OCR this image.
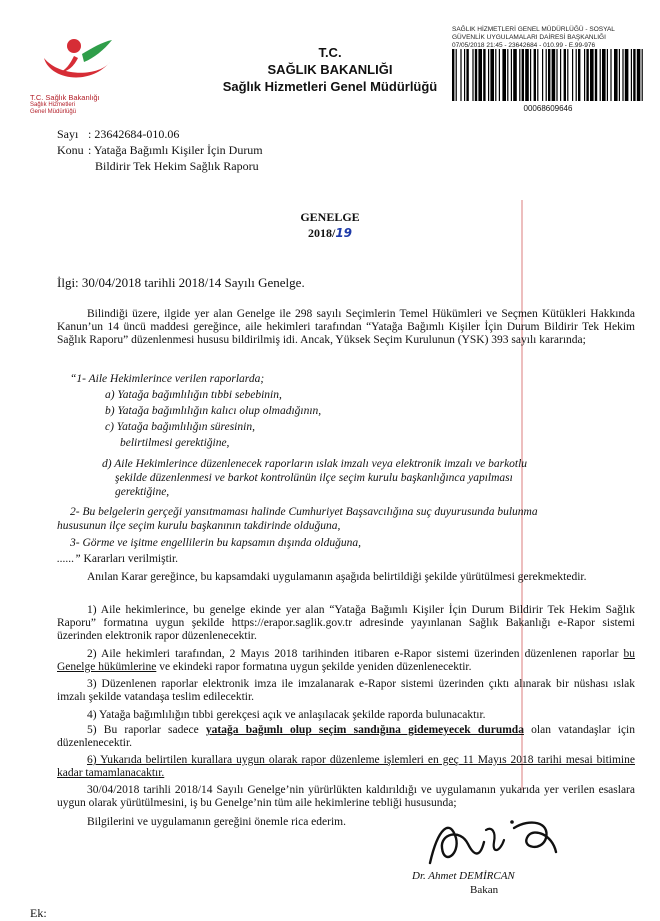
T.C. Sağlık Bakanlığı
Sağlık Hizmetleri
Genel Müdürlüğü
T.C.
SAĞLIK BAKANLIĞI
Sağlık Hizmetleri Genel Müdürlüğü
SAĞLIK HİZMETLERİ GENEL MÜDÜRLÜĞÜ - SOSYAL
GÜVENLİK UYGULAMALARI DAİRESİ BAŞKANLIĞI
07/05/2018 21:45 - 23642684 - 010.99 - E.99-976
00068609646
Sayı : 23642684-010.06
Konu : Yatağa Bağımlı Kişiler İçin Durum
Bildirir Tek Hekim Sağlık Raporu
GENELGE
2018/19
İlgi: 30/04/2018 tarihli 2018/14 Sayılı Genelge.
Bilindiği üzere, ilgide yer alan Genelge ile 298 sayılı Seçimlerin Temel Hükümleri ve Seçmen Kütükleri Hakkında Kanun’un 14 üncü maddesi gereğince, aile hekimleri tarafından “Yatağa Bağımlı Kişiler İçin Durum Bildirir Tek Hekim Sağlık Raporu” düzenlenmesi hususu bildirilmiş idi. Ancak, Yüksek Seçim Kurulunun (YSK) 393 sayılı kararında;
“1- Aile Hekimlerince verilen raporlarda;
a) Yatağa bağımlılığın tıbbi sebebinin,
b) Yatağa bağımlılığın kalıcı olup olmadığının,
c) Yatağa bağımlılığın süresinin,
belirtilmesi gerektiğine,
d) Aile Hekimlerince düzenlenecek raporların ıslak imzalı veya elektronik imzalı ve barkotlu
şekilde düzenlenmesi ve barkot kontrolünün ilçe seçim kurulu başkanlığınca yapılması
gerektiğine,
2- Bu belgelerin gerçeği yansıtmaması halinde Cumhuriyet Başsavcılığına suç duyurusunda bulunma
hususunun ilçe seçim kurulu başkanının takdirinde olduğuna,
3- Görme ve işitme engellilerin bu kapsamın dışında olduğuna,
......” Kararları verilmiştir.
Anılan Karar gereğince, bu kapsamdaki uygulamanın aşağıda belirtildiği şekilde yürütülmesi gerekmektedir.
1) Aile hekimlerince, bu genelge ekinde yer alan “Yatağa Bağımlı Kişiler İçin Durum Bildirir Tek Hekim Sağlık Raporu” formatına uygun şekilde https://erapor.saglik.gov.tr adresinde yayınlanan Sağlık Bakanlığı e-Rapor sistemi üzerinden elektronik rapor düzenlenecektir.
2) Aile hekimleri tarafından, 2 Mayıs 2018 tarihinden itibaren e-Rapor sistemi üzerinden düzenlenen raporlar bu Genelge hükümlerine ve ekindeki rapor formatına uygun şekilde yeniden düzenlenecektir.
3) Düzenlenen raporlar elektronik imza ile imzalanarak e-Rapor sistemi üzerinden çıktı alınarak bir nüshası ıslak imzalı şekilde vatandaşa teslim edilecektir.
4) Yatağa bağımlılığın tıbbi gerekçesi açık ve anlaşılacak şekilde raporda bulunacaktır.
5) Bu raporlar sadece yatağa bağımlı olup seçim sandığına gidemeyecek durumda olan vatandaşlar için düzenlenecektir.
6) Yukarıda belirtilen kurallara uygun olarak rapor düzenleme işlemleri en geç 11 Mayıs 2018 tarihi mesai bitimine kadar tamamlanacaktır.
30/04/2018 tarihli 2018/14 Sayılı Genelge’nin yürürlükten kaldırıldığı ve uygulamanın yukarıda yer verilen esaslara uygun olarak yürütülmesini, iş bu Genelge’nin tüm aile hekimlerine tebliği hususunda;
Bilgilerini ve uygulamanın gereğini önemle rica ederim.
Dr. Ahmet DEMİRCAN
Bakan
Ek:
